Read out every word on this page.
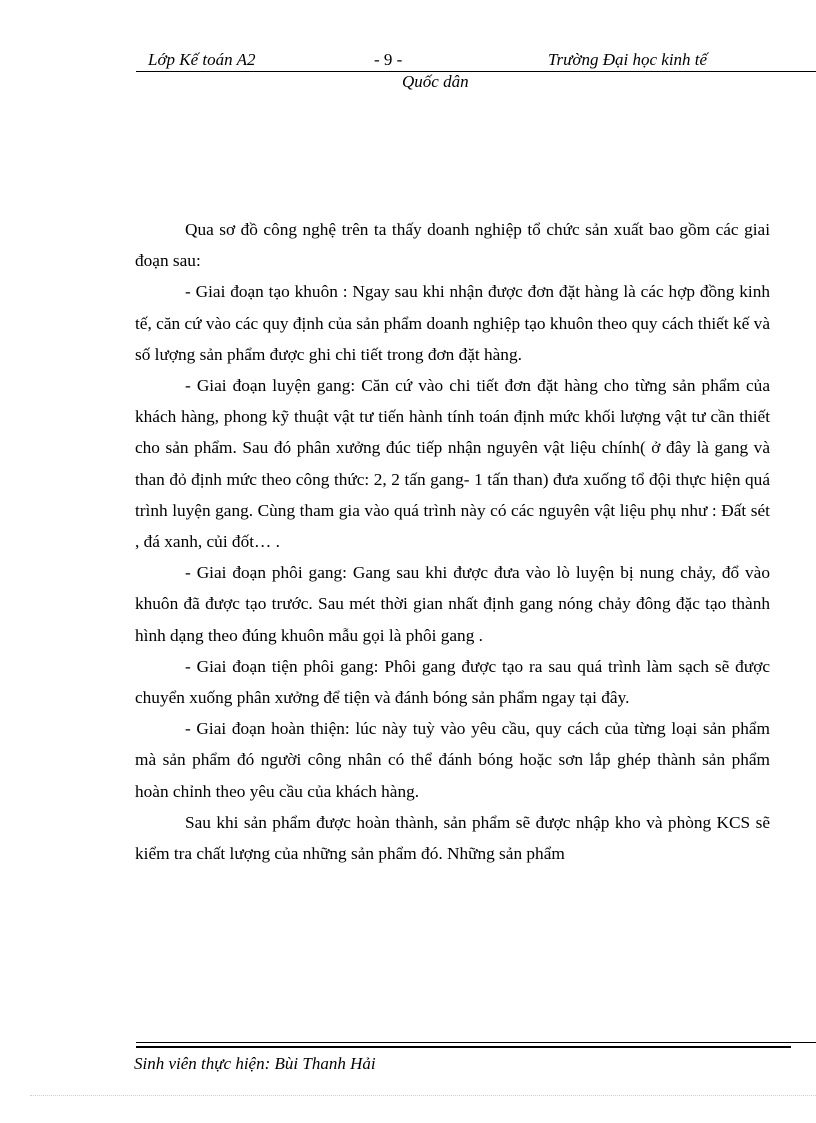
Lớp Kế toán A2	- 9 -	Trường Đại học kinh tế
Quốc dân

Qua sơ đồ công nghệ trên ta thấy doanh nghiệp tổ chức sản xuất bao gồm các giai đoạn sau:

- Giai đoạn tạo khuôn : Ngay sau khi nhận được đơn đặt hàng là các hợp đồng kinh tế, căn cứ vào các quy định của sản phẩm doanh nghiệp tạo khuôn theo quy cách thiết kế và số lượng sản phẩm được ghi chi tiết trong đơn đặt hàng.

- Giai đoạn luyện gang: Căn cứ vào chi tiết đơn đặt hàng cho từng sản phẩm của khách hàng, phong kỹ thuật vật tư tiến hành tính toán định mức khối lượng vật tư cần thiết cho sản phẩm. Sau đó phân xưởng đúc tiếp nhận nguyên vật liệu chính( ở đây là gang và than đỏ định mức theo công thức: 2, 2 tấn gang- 1 tấn than) đưa xuống tổ đội thực hiện quá trình luyện gang. Cùng tham gia vào quá trình này có các nguyên vật liệu phụ như : Đất sét , đá xanh, củi đốt… .

- Giai đoạn phôi gang: Gang sau khi được đưa vào lò luyện bị nung chảy, đổ vào khuôn đã được tạo trước. Sau mét thời gian nhất định gang nóng chảy đông đặc tạo thành hình dạng theo đúng khuôn mẫu gọi là phôi gang .

- Giai đoạn tiện phôi gang: Phôi gang được tạo ra sau quá trình làm sạch sẽ được chuyển xuống phân xưởng để tiện và đánh bóng sản phẩm ngay tại đây.

- Giai đoạn hoàn thiện: lúc này tuỳ vào yêu cầu, quy cách của từng loại sản phẩm mà sản phẩm đó người công nhân có thể đánh bóng hoặc sơn lắp ghép thành sản phẩm hoàn chỉnh theo yêu cầu của khách hàng.

Sau khi sản phẩm được hoàn thành, sản phẩm sẽ được nhập kho và phòng KCS sẽ kiểm tra chất lượng của những sản phẩm đó. Những sản phẩm

Sinh viên thực hiện: Bùi Thanh Hải
